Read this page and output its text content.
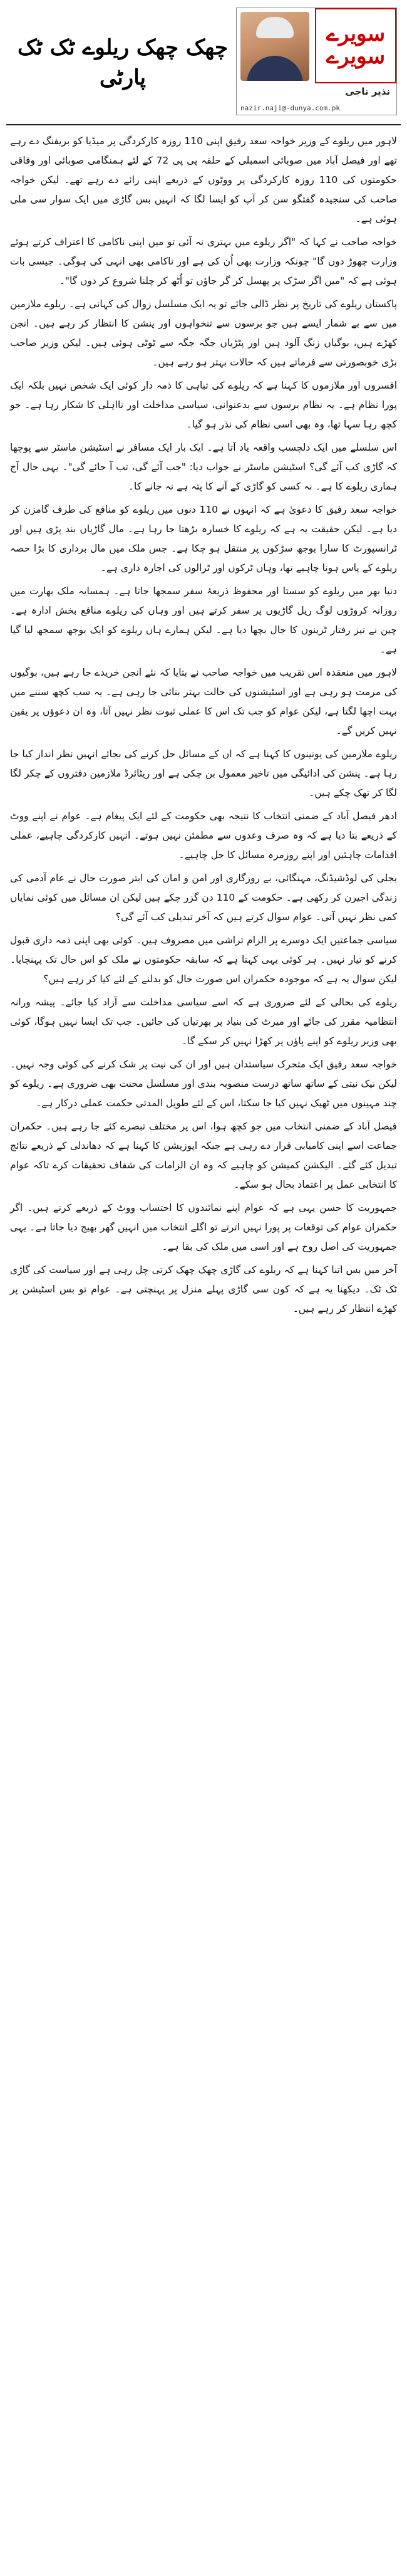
سویرے
سویرے
نذیر ناجی
nazir.naji@-dunya.com.pk
چھک چھک ریلوے ٹک ٹک پارٹی

لاہور میں ریلوے کے وزیر خواجہ سعد رفیق اپنی 110 روزہ کارکردگی پر میڈیا کو بریفنگ دے رہے تھے اور فیصل آباد میں صوبائی اسمبلی کے حلقہ پی پی 72 کے لئے ہمنگامی صوبائی اور وفاقی حکومتوں کی 110 روزہ کارکردگی پر ووٹوں کے ذریعے اپنی رائے دے رہے تھے۔ لیکن خواجہ صاحب کی سنجیدہ گفتگو سن کر آپ کو ایسا لگا کہ انہیں بس گاڑی میں ایک سوار سی ملی ہوئی ہے۔

خواجہ صاحب نے کہا کہ "اگر ریلوے میں بہتری نہ آئی تو میں اپنی ناکامی کا اعتراف کرتے ہوئے وزارت چھوڑ دوں گا" چونکہ وزارت بھی اُن کی ہے اور ناکامی بھی انہی کی ہوگی۔ جیسی بات ہوئی ہے کہ "میں اگر سڑک پر پھسل کر گر جاؤں تو اُٹھ کر چلنا شروع کر دوں گا"۔

پاکستان ریلوے کی تاریخ پر نظر ڈالی جائے تو یہ ایک مسلسل زوال کی کہانی ہے۔ ریلوے ملازمین میں سے بے شمار ایسے ہیں جو برسوں سے تنخواہوں اور پنشن کا انتظار کر رہے ہیں۔ انجن کھڑے ہیں، بوگیاں زنگ آلود ہیں اور پٹڑیاں جگہ جگہ سے ٹوٹی ہوئی ہیں۔ لیکن وزیر صاحب بڑی خوبصورتی سے فرماتے ہیں کہ حالات بہتر ہو رہے ہیں۔

افسروں اور ملازموں کا کہنا ہے کہ ریلوے کی تباہی کا ذمہ دار کوئی ایک شخص نہیں بلکہ ایک پورا نظام ہے۔ یہ نظام برسوں سے بدعنوانی، سیاسی مداخلت اور نااہلی کا شکار رہا ہے۔ جو کچھ رہا سہا تھا، وہ بھی اسی نظام کی نذر ہو گیا۔

اس سلسلے میں ایک دلچسپ واقعہ یاد آتا ہے۔ ایک بار ایک مسافر نے اسٹیشن ماسٹر سے پوچھا کہ گاڑی کب آئے گی؟ اسٹیشن ماسٹر نے جواب دیا: "جب آئے گی، تب آ جائے گی"۔ یہی حال آج ہماری ریلوے کا ہے۔ نہ کسی کو گاڑی کے آنے کا پتہ ہے نہ جانے کا۔

خواجہ سعد رفیق کا دعویٰ ہے کہ انہوں نے 110 دنوں میں ریلوے کو منافع کی طرف گامزن کر دیا ہے۔ لیکن حقیقت یہ ہے کہ ریلوے کا خسارہ بڑھتا جا رہا ہے۔ مال گاڑیاں بند پڑی ہیں اور ٹرانسپورٹ کا سارا بوجھ سڑکوں پر منتقل ہو چکا ہے۔ جس ملک میں مال برداری کا بڑا حصہ ریلوے کے پاس ہونا چاہیے تھا، وہاں ٹرکوں اور ٹرالوں کی اجارہ داری ہے۔

دنیا بھر میں ریلوے کو سستا اور محفوظ ذریعۂ سفر سمجھا جاتا ہے۔ ہمسایہ ملک بھارت میں روزانہ کروڑوں لوگ ریل گاڑیوں پر سفر کرتے ہیں اور وہاں کی ریلوے منافع بخش ادارہ ہے۔ چین نے تیز رفتار ٹرینوں کا جال بچھا دیا ہے۔ لیکن ہمارے ہاں ریلوے کو ایک بوجھ سمجھ لیا گیا ہے۔

لاہور میں منعقدہ اس تقریب میں خواجہ صاحب نے بتایا کہ نئے انجن خریدے جا رہے ہیں، بوگیوں کی مرمت ہو رہی ہے اور اسٹیشنوں کی حالت بہتر بنائی جا رہی ہے۔ یہ سب کچھ سننے میں بہت اچھا لگتا ہے، لیکن عوام کو جب تک اس کا عملی ثبوت نظر نہیں آتا، وہ ان دعوؤں پر یقین نہیں کریں گے۔

ریلوے ملازمین کی یونینوں کا کہنا ہے کہ ان کے مسائل حل کرنے کی بجائے انہیں نظر انداز کیا جا رہا ہے۔ پنشن کی ادائیگی میں تاخیر معمول بن چکی ہے اور ریٹائرڈ ملازمین دفتروں کے چکر لگا لگا کر تھک چکے ہیں۔

ادھر فیصل آباد کے ضمنی انتخاب کا نتیجہ بھی حکومت کے لئے ایک پیغام ہے۔ عوام نے اپنے ووٹ کے ذریعے بتا دیا ہے کہ وہ صرف وعدوں سے مطمئن نہیں ہوتے۔ انہیں کارکردگی چاہیے، عملی اقدامات چاہئیں اور اپنے روزمرہ مسائل کا حل چاہیے۔

بجلی کی لوڈشیڈنگ، مہنگائی، بے روزگاری اور امن و امان کی ابتر صورت حال نے عام آدمی کی زندگی اجیرن کر رکھی ہے۔ حکومت کے 110 دن گزر چکے ہیں لیکن ان مسائل میں کوئی نمایاں کمی نظر نہیں آتی۔ عوام سوال کرتے ہیں کہ آخر تبدیلی کب آئے گی؟

سیاسی جماعتیں ایک دوسرے پر الزام تراشی میں مصروف ہیں۔ کوئی بھی اپنی ذمہ داری قبول کرنے کو تیار نہیں۔ ہر کوئی یہی کہتا ہے کہ سابقہ حکومتوں نے ملک کو اس حال تک پہنچایا۔ لیکن سوال یہ ہے کہ موجودہ حکمران اس صورت حال کو بدلنے کے لئے کیا کر رہے ہیں؟

ریلوے کی بحالی کے لئے ضروری ہے کہ اسے سیاسی مداخلت سے آزاد کیا جائے۔ پیشہ ورانہ انتظامیہ مقرر کی جائے اور میرٹ کی بنیاد پر بھرتیاں کی جائیں۔ جب تک ایسا نہیں ہوگا، کوئی بھی وزیر ریلوے کو اپنے پاؤں پر کھڑا نہیں کر سکے گا۔

خواجہ سعد رفیق ایک متحرک سیاستدان ہیں اور ان کی نیت پر شک کرنے کی کوئی وجہ نہیں۔ لیکن نیک نیتی کے ساتھ ساتھ درست منصوبہ بندی اور مسلسل محنت بھی ضروری ہے۔ ریلوے کو چند مہینوں میں ٹھیک نہیں کیا جا سکتا، اس کے لئے طویل المدتی حکمت عملی درکار ہے۔

فیصل آباد کے ضمنی انتخاب میں جو کچھ ہوا، اس پر مختلف تبصرے کئے جا رہے ہیں۔ حکمران جماعت اسے اپنی کامیابی قرار دے رہی ہے جبکہ اپوزیشن کا کہنا ہے کہ دھاندلی کے ذریعے نتائج تبدیل کئے گئے۔ الیکشن کمیشن کو چاہیے کہ وہ ان الزامات کی شفاف تحقیقات کرے تاکہ عوام کا انتخابی عمل پر اعتماد بحال ہو سکے۔

جمہوریت کا حسن یہی ہے کہ عوام اپنے نمائندوں کا احتساب ووٹ کے ذریعے کرتے ہیں۔ اگر حکمران عوام کی توقعات پر پورا نہیں اترتے تو اگلے انتخاب میں انہیں گھر بھیج دیا جاتا ہے۔ یہی جمہوریت کی اصل روح ہے اور اسی میں ملک کی بقا ہے۔

آخر میں بس اتنا کہنا ہے کہ ریلوے کی گاڑی چھک چھک کرتی چل رہی ہے اور سیاست کی گاڑی ٹک ٹک۔ دیکھنا یہ ہے کہ کون سی گاڑی پہلے منزل پر پہنچتی ہے۔ عوام تو بس اسٹیشن پر کھڑے انتظار کر رہے ہیں۔
